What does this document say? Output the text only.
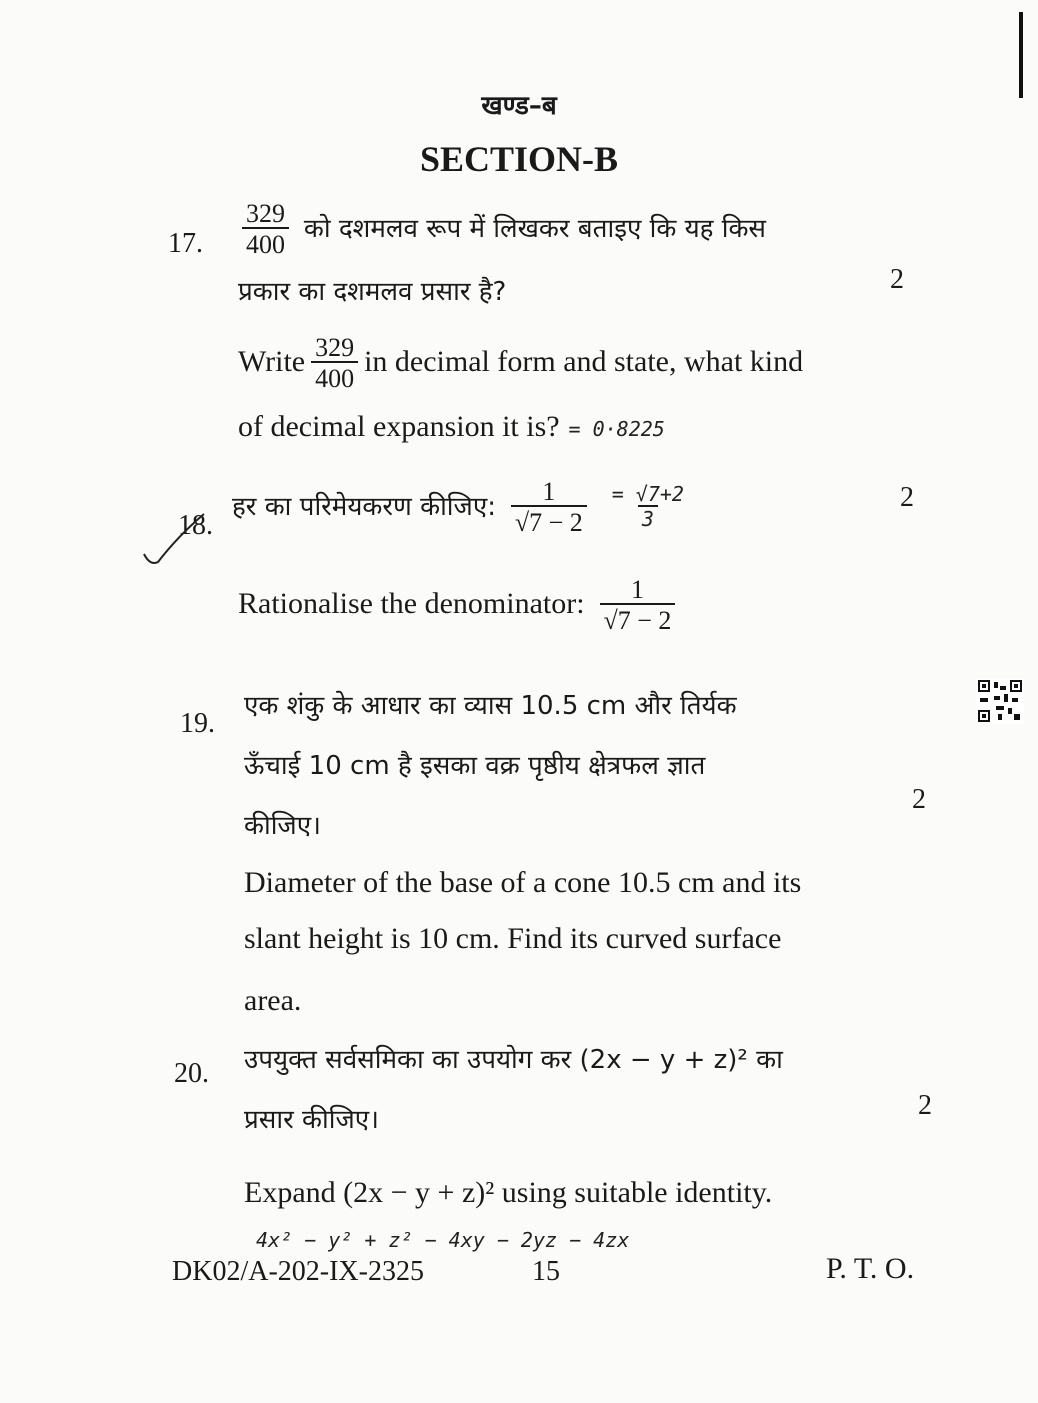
खण्ड–ब
SECTION-B
17. $\frac{329}{400}$ को दशमलव रूप में लिखकर बताइए कि यह किस
प्रकार का दशमलव प्रसार है?	2
Write $\frac{329}{400}$ in decimal form and state, what kind
of decimal expansion it is? = 0·8225
18.
हर का परिमेयकरण कीजिए: $\frac{1}{√7 - 2}$
$\frac{= √7+2}{3}$	2
Rationalise the denominator: $\frac{1}{√7 - 2}$
19.
एक शंकु के आधार का व्यास 10.5 cm और तिर्यक
ऊँचाई 10 cm है इसका वक्र पृष्ठीय क्षेत्रफल ज्ञात
कीजिए।
2
Diameter of the base of a cone 10.5 cm and its
slant height is 10 cm. Find its curved surface
area.
20. उपयुक्त सर्वसमिका का उपयोग कर (2x − y + z)² का
प्रसार कीजिए।	2
Expand (2x − y + z)² using suitable identity.
4x² − y² + z² − 4xy − 2yz − 4zx
DK02/A-202-IX-2325	15	P. T. O.
